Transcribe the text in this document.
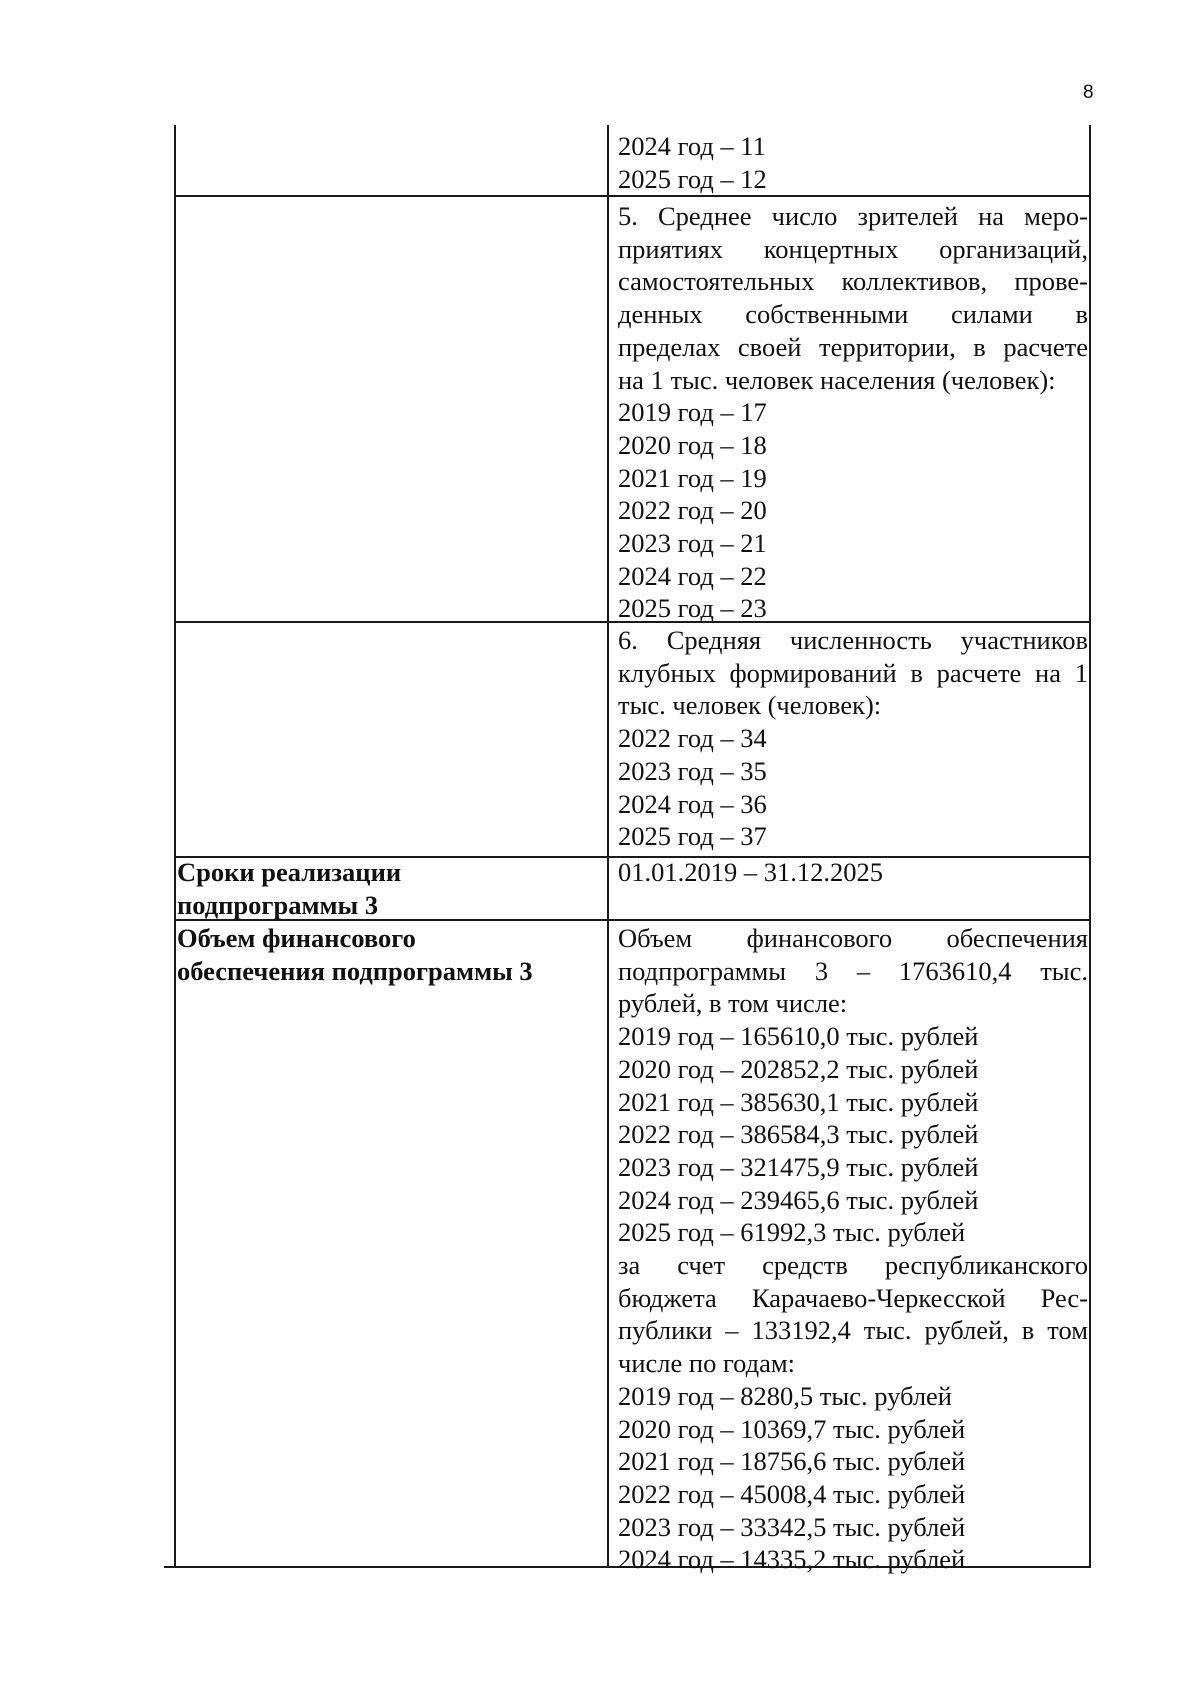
8
2024 год – 11
2025 год – 12
5. Среднее число зрителей на меро-
приятиях концертных организаций,
самостоятельных коллективов, прове-
денных собственными силами в
пределах своей территории, в расчете
на 1 тыс. человек населения (человек):
2019 год – 17
2020 год – 18
2021 год – 19
2022 год – 20
2023 год – 21
2024 год – 22
2025 год – 23
6. Средняя численность участников
клубных формирований в расчете на 1
тыс. человек (человек):
2022 год – 34
2023 год – 35
2024 год – 36
2025 год – 37
Сроки реализации
подпрограммы 3
01.01.2019 – 31.12.2025
Объем финансового
обеспечения подпрограммы 3
Объем финансового обеспечения
подпрограммы 3 – 1763610,4 тыс.
рублей, в том числе:
2019 год – 165610,0 тыс. рублей
2020 год – 202852,2 тыс. рублей
2021 год – 385630,1 тыс. рублей
2022 год – 386584,3 тыс. рублей
2023 год – 321475,9 тыс. рублей
2024 год – 239465,6 тыс. рублей
2025 год – 61992,3 тыс. рублей
за счет средств республиканского
бюджета Карачаево-Черкесской Рес-
публики – 133192,4 тыс. рублей, в том
числе по годам:
2019 год – 8280,5 тыс. рублей
2020 год – 10369,7 тыс. рублей
2021 год – 18756,6 тыс. рублей
2022 год – 45008,4 тыс. рублей
2023 год – 33342,5 тыс. рублей
2024 год – 14335,2 тыс. рублей
